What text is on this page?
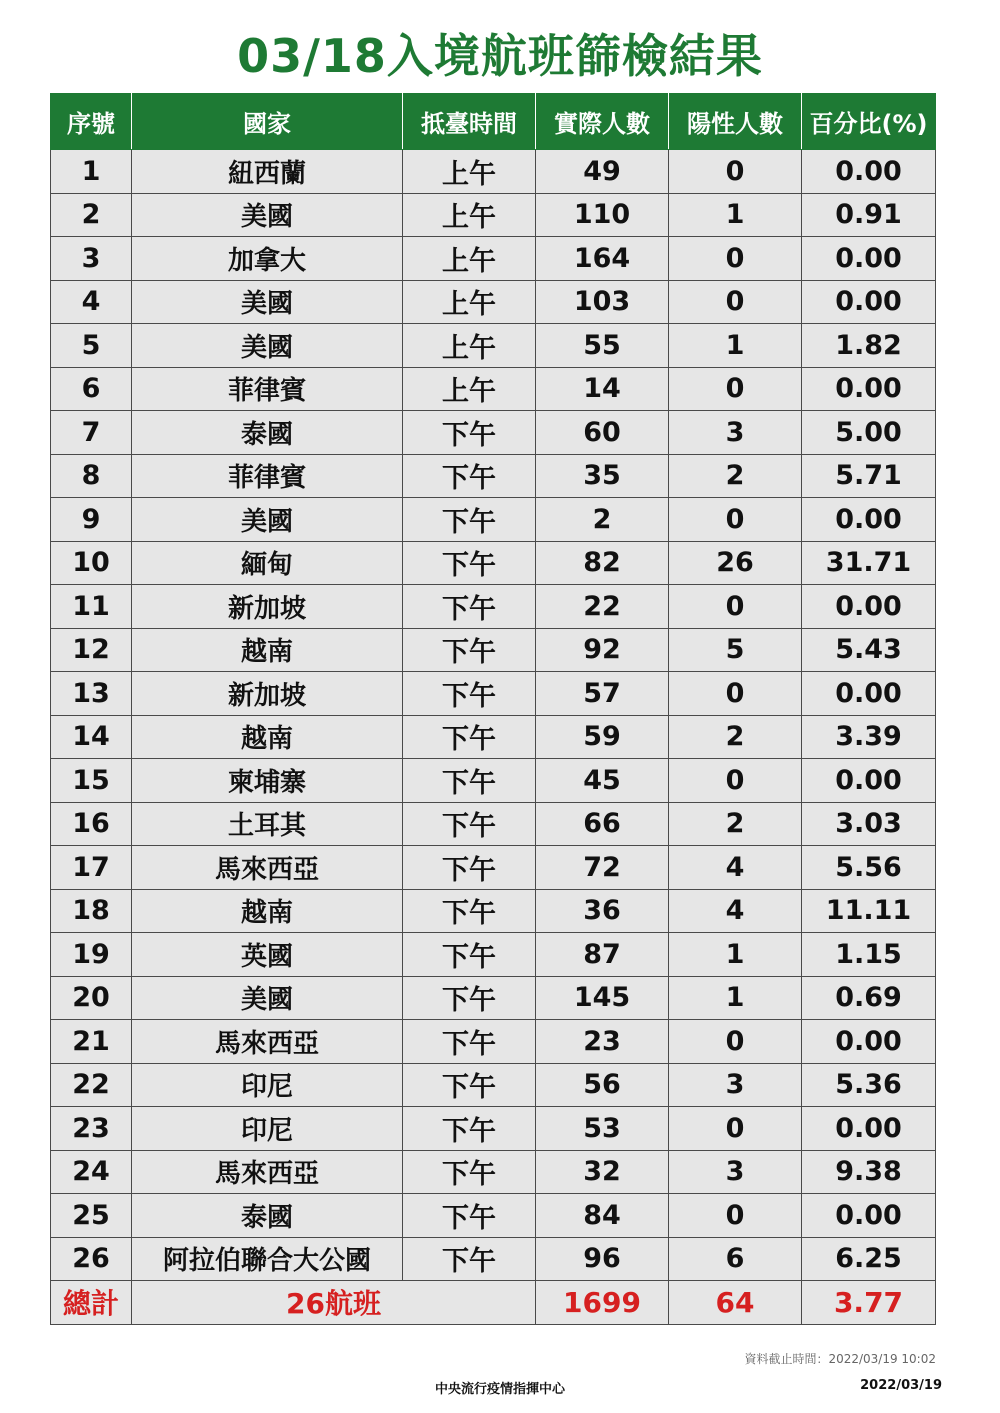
03/18入境航班篩檢結果
序號	國家	抵臺時間	實際人數	陽性人數	百分比(%)
1	紐西蘭	上午	49	0	0.00
2	美國	上午	110	1	0.91
3	加拿大	上午	164	0	0.00
4	美國	上午	103	0	0.00
5	美國	上午	55	1	1.82
6	菲律賓	上午	14	0	0.00
7	泰國	下午	60	3	5.00
8	菲律賓	下午	35	2	5.71
9	美國	下午	2	0	0.00
10	緬甸	下午	82	26	31.71
11	新加坡	下午	22	0	0.00
12	越南	下午	92	5	5.43
13	新加坡	下午	57	0	0.00
14	越南	下午	59	2	3.39
15	柬埔寨	下午	45	0	0.00
16	土耳其	下午	66	2	3.03
17	馬來西亞	下午	72	4	5.56
18	越南	下午	36	4	11.11
19	英國	下午	87	1	1.15
20	美國	下午	145	1	0.69
21	馬來西亞	下午	23	0	0.00
22	印尼	下午	56	3	5.36
23	印尼	下午	53	0	0.00
24	馬來西亞	下午	32	3	9.38
25	泰國	下午	84	0	0.00
26	阿拉伯聯合大公國	下午	96	6	6.25
總計	26航班		1699	64	3.77
資料截止時間：2022/03/19 10:02
中央流行疫情指揮中心	2022/03/19
